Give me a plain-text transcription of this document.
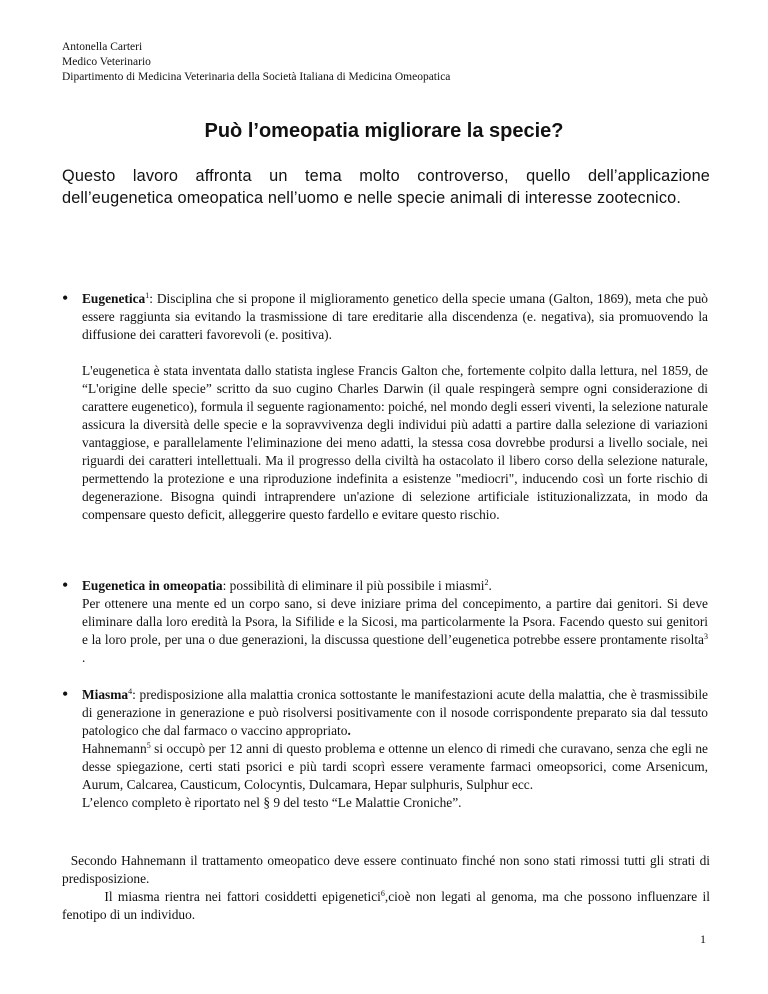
Antonella Carteri
Medico Veterinario
Dipartimento di Medicina Veterinaria della Società Italiana di Medicina Omeopatica
Può l’omeopatia migliorare la specie?
Questo lavoro affronta un tema molto controverso, quello dell’applicazione dell’eugenetica omeopatica nell’uomo e nelle specie animali di interesse zootecnico.
• Eugenetica$^1$: Disciplina che si propone il miglioramento genetico della specie umana (Galton, 1869), meta che può essere raggiunta sia evitando la trasmissione di tare ereditarie alla discendenza (e. negativa), sia promuovendo la diffusione dei caratteri favorevoli (e. positiva).

L'eugenetica è stata inventata dallo statista inglese Francis Galton che, fortemente colpito dalla lettura, nel 1859, de “L'origine delle specie” scritto da suo cugino Charles Darwin (il quale respingerà sempre ogni considerazione di carattere eugenetico), formula il seguente ragionamento: poiché, nel mondo degli esseri viventi, la selezione naturale assicura la diversità delle specie e la sopravvivenza degli individui più adatti a partire dalla selezione di variazioni vantaggiose, e parallelamente l'eliminazione dei meno adatti, la stessa cosa dovrebbe prodursi a livello sociale, nei riguardi dei caratteri intellettuali. Ma il progresso della civiltà ha ostacolato il libero corso della selezione naturale, permettendo la protezione e una riproduzione indefinita a esistenze "mediocri", inducendo così un forte rischio di degenerazione. Bisogna quindi intraprendere un'azione di selezione artificiale istituzionalizzata, in modo da compensare questo deficit, alleggerire questo fardello e evitare questo rischio.

• Eugenetica in omeopatia: possibilità di eliminare il più possibile i miasmi$^2$.

Per ottenere una mente ed un corpo sano, si deve iniziare prima del concepimento, a partire dai genitori. Si deve eliminare dalla loro eredità la Psora, la Sifilide e la Sicosi, ma particolarmente la Psora. Facendo questo sui genitori e la loro prole, per una o due generazioni, la discussa questione dell’eugenetica potrebbe essere prontamente risolta$^3$ .

• Miasma$^4$: predisposizione alla malattia cronica sottostante le manifestazioni acute della malattia, che è trasmissibile di generazione in generazione e può risolversi positivamente con il nosode corrispondente preparato sia dal tessuto patologico che dal farmaco o vaccino appropriato.

Hahnemann$^5$ si occupò per 12 anni di questo problema e ottenne un elenco di rimedi che curavano, senza che egli ne desse spiegazione, certi stati psorici e più tardi scoprì essere veramente farmaci omeopsorici, come Arsenicum, Aurum, Calcarea, Causticum, Colocyntis, Dulcamara, Hepar sulphuris, Sulphur ecc.

L’elenco completo è riportato nel § 9 del testo “Le Malattie Croniche”.

Secondo Hahnemann il trattamento omeopatico deve essere continuato finché non sono stati rimossi tutti gli strati di predisposizione.

Il miasma rientra nei fattori cosiddetti epigenetici$^6$,cioè non legati al genoma, ma che possono influenzare il fenotipo di un individuo.

1
